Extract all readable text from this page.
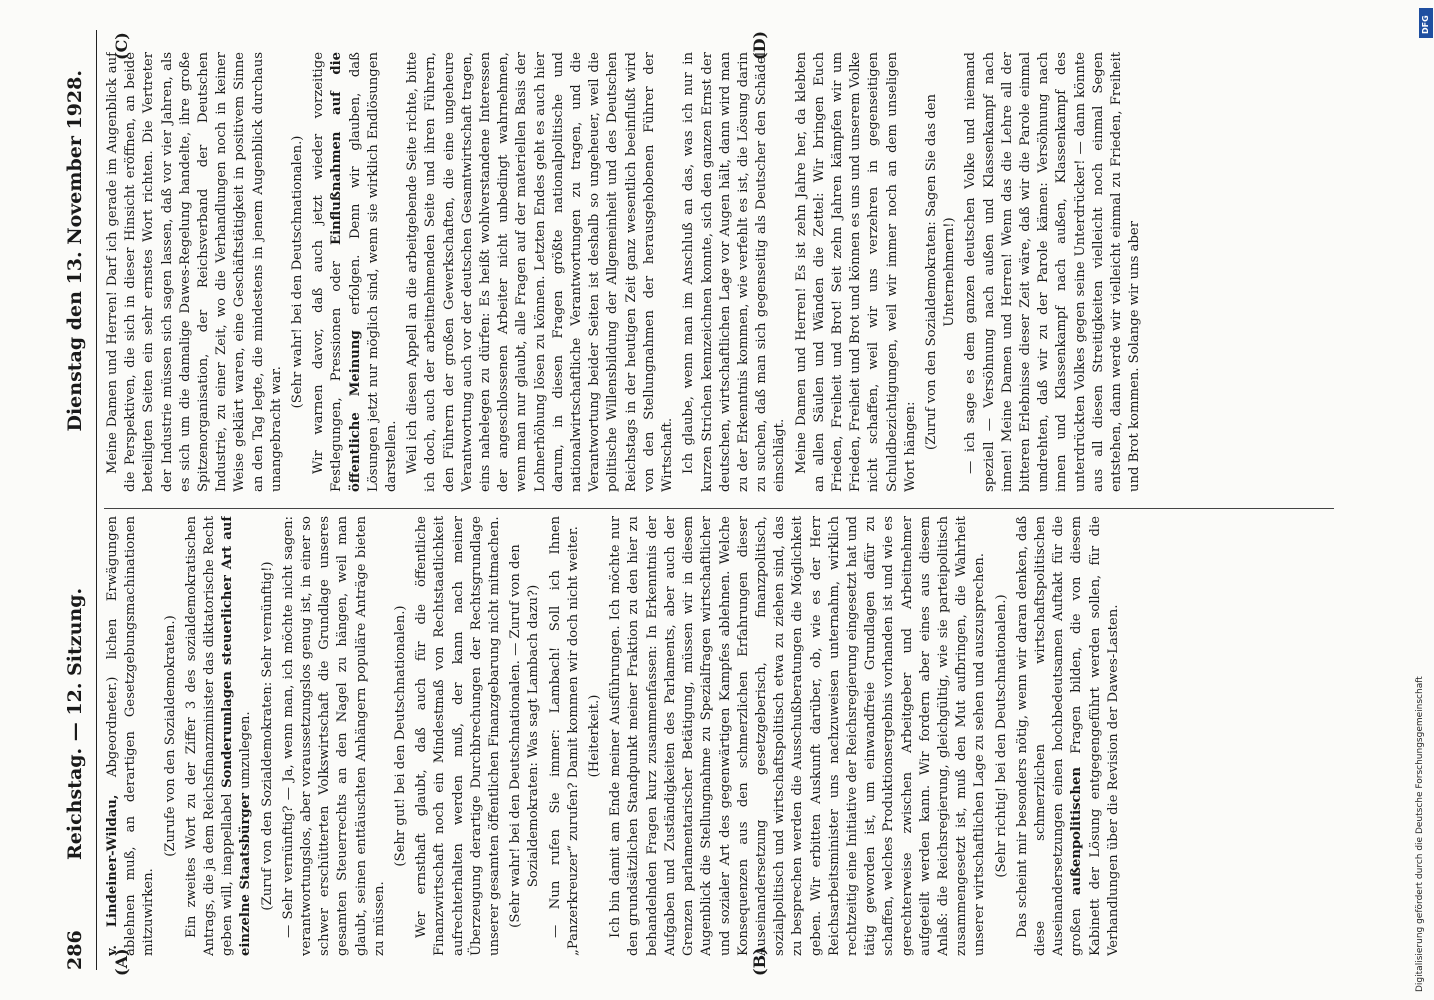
286
Reichstag. — 12. Sitzung.
Dienstag den 13. November 1928.
(A)	(B)
(C)	(D)

v. Lindeiner-Wildau, Abgeordneter.) lichen Erwägungen ablehnen muß, an derartigen Gesetzgebungsmachinationen mitzuwirken.

(Zurufe von den Sozialdemokraten.) Ein zweites Wort zu der Ziffer 3 des sozialdemokratischen Antrags, die ja dem Reichsfinanzminister das diktatorische Recht geben will, inappellabel Sonderumlagen steuerlicher Art auf einzelne Staatsbürger umzulegen. (Zuruf von den Sozialdemokraten: Sehr vernünftig!) — Sehr vernünftig? — Ja, wenn man, ich möchte nicht sagen: verantwortungslos, aber voraussetzungslos genug ist, in einer so schwer erschütterten Volkswirtschaft die Grundlage unseres gesamten Steuerrechts an den Nagel zu hängen, weil man glaubt, seinen enttäuschten Anhängern populäre Anträge bieten zu müssen.

(Sehr gut! bei den Deutschnationalen.) Wer ernsthaft glaubt, daß auch für die öffentliche Finanzwirtschaft noch ein Mindestmaß von Rechtstaatlichkeit aufrechterhalten werden muß, der kann nach meiner Überzeugung derartige Durchbrechungen der Rechtsgrundlage unserer gesamten öffentlichen Finanzgebarung nicht mitmachen. (Sehr wahr! bei den Deutschnationalen. — Zuruf von den Sozialdemokraten: Was sagt Lambach dazu?) — Nun rufen Sie immer: Lambach! Soll ich Ihnen „Panzerkreuzer“ zurufen? Damit kommen wir doch nicht weiter. (Heiterkeit.) Ich bin damit am Ende meiner Ausführungen. Ich möchte nur den grundsätzlichen Standpunkt meiner Fraktion zu den hier zu behandelnden Fragen kurz zusammenfassen: In Erkenntnis der Aufgaben und Zuständigkeiten des Parlaments, aber auch der Grenzen parlamentarischer Betätigung, müssen wir in diesem Augenblick die Stellungnahme zu Spezialfragen wirtschaftlicher und sozialer Art des gegenwärtigen Kampfes ablehnen. Welche Konsequenzen aus den schmerzlichen Erfahrungen dieser Auseinandersetzung gesetzgeberisch, finanzpolitisch, sozialpolitisch und wirtschaftspolitisch etwa zu ziehen sind, das zu besprechen werden die Ausschußberatungen die Möglichkeit geben. Wir erbitten Auskunft darüber, ob, wie es der Herr Reichsarbeitsminister uns nachzuweisen unternahm, wirklich rechtzeitig eine Initiative der Reichsregierung eingesetzt hat und tätig geworden ist, um einwandfreie Grundlagen dafür zu schaffen, welches Produktionsergebnis vorhanden ist und wie es gerechterweise zwischen Arbeitgeber und Arbeitnehmer aufgeteilt werden kann. Wir fordern aber eines aus diesem Anlaß: die Reichsregierung, gleichgültig, wie sie parteipolitisch zusammengesetzt ist, muß den Mut aufbringen, die Wahrheit unserer wirtschaftlichen Lage zu sehen und auszusprechen. (Sehr richtig! bei den Deutschnationalen.) Das scheint mir besonders nötig, wenn wir daran denken, daß diese schmerzlichen wirtschaftspolitischen Auseinandersetzungen einen hochbedeutsamen Auftakt für die großen außenpolitischen Fragen bilden, die von diesem Kabinett der Lösung entgegengeführt werden sollen, für die Verhandlungen über die Revision der Dawes-Lasten.

Meine Damen und Herren! Darf ich gerade im Augenblick auf die Perspektiven, die sich in dieser Hinsicht eröffnen, an beide beteiligten Seiten ein sehr ernstes Wort richten. Die Vertreter der Industrie müssen sich sagen lassen, daß vor vier Jahren, als es sich um die damalige Dawes-Regelung handelte, ihre große Spitzenorganisation, der Reichsverband der Deutschen Industrie, zu einer Zeit, wo die Verhandlungen noch in keiner Weise geklärt waren, eine Geschäftstätigkeit in positivem Sinne an den Tag legte, die mindestens in jenem Augenblick durchaus unangebracht war.

(Sehr wahr! bei den Deutschnationalen.) Wir warnen davor, daß auch jetzt wieder vorzeitige Festlegungen, Pressionen oder Einflußnahmen auf die öffentliche Meinung erfolgen. Denn wir glauben, daß Lösungen jetzt nur möglich sind, wenn sie wirklich Endlösungen darstellen. Weil ich diesen Appell an die arbeitgebende Seite richte, bitte ich doch, auch der arbeitnehmenden Seite und ihren Führern, den Führern der großen Gewerkschaften, die eine ungeheure Verantwortung auch vor der deutschen Gesamtwirtschaft tragen, eins nahelegen zu dürfen: Es heißt wohlverstandene Interessen der angeschlossenen Arbeiter nicht unbedingt wahrnehmen, wenn man nur glaubt, alle Fragen auf der materiellen Basis der Lohnerhöhung lösen zu können. Letzten Endes geht es auch hier darum, in diesen Fragen größte nationalpolitische und nationalwirtschaftliche Verantwortungen zu tragen, und die Verantwortung beider Seiten ist deshalb so ungeheuer, weil die politische Willensbildung der Allgemeinheit und des Deutschen Reichstags in der heutigen Zeit ganz wesentlich beeinflußt wird von den Stellungnahmen der herausgehobenen Führer der Wirtschaft. Ich glaube, wenn man im Anschluß an das, was ich nur in kurzen Strichen kennzeichnen konnte, sich den ganzen Ernst der deutschen, wirtschaftlichen Lage vor Augen hält, dann wird man zu der Erkenntnis kommen, wie verfehlt es ist, die Lösung darin zu suchen, daß man sich gegenseitig als Deutscher den Schädel einschlägt. Meine Damen und Herren! Es ist zehn Jahre her, da klebten an allen Säulen und Wänden die Zettel: Wir bringen Euch Frieden, Freiheit und Brot! Seit zehn Jahren kämpfen wir um Frieden, Freiheit und Brot und können es uns und unserem Volke nicht schaffen, weil wir uns verzehren in gegenseitigen Schuldbezichtigungen, weil wir immer noch an dem unseligen Wort hängen: (Zuruf von den Sozialdemokraten: Sagen Sie das den Unternehmern!) — ich sage es dem ganzen deutschen Volke und niemand speziell — Versöhnung nach außen und Klassenkampf nach innen! Meine Damen und Herren! Wenn das die Lehre all der bitteren Erlebnisse dieser Zeit wäre, daß wir die Parole einmal umdrehten, daß wir zu der Parole kämen: Versöhnung nach innen und Klassenkampf nach außen, Klassenkampf des unterdrückten Volkes gegen seine Unterdrücker! — dann könnte aus all diesen Streitigkeiten vielleicht noch einmal Segen entstehen, dann werde wir vielleicht einmal zu Frieden, Freiheit und Brot kommen. Solange wir uns aber

DFG
Digitalisierung gefördert durch die Deutsche Forschungsgemeinschaft
